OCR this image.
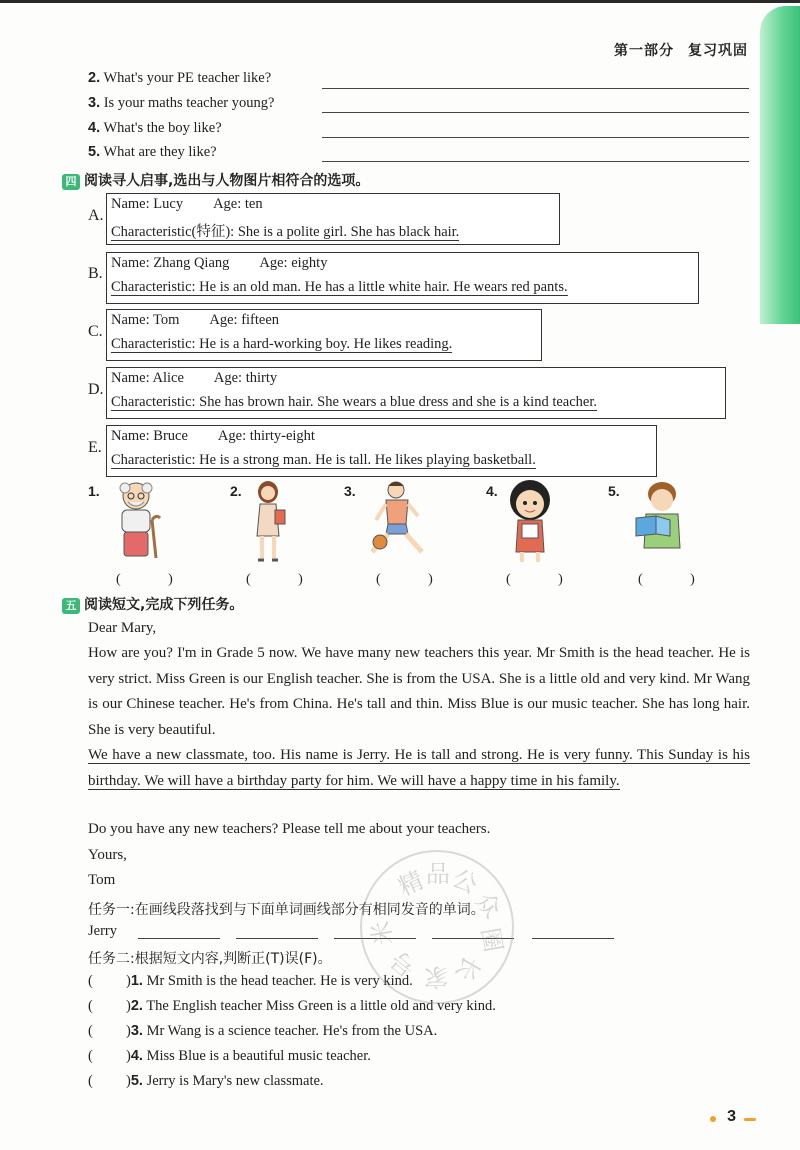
第一部分 复习巩固
2. What's your PE teacher like?
3. Is your maths teacher young?
4. What's the boy like?
5. What are they like?
四 阅读寻人启事,选出与人物图片相符合的选项。
A.
Name: Lucy Age: ten
Characteristic(特征): She is a polite girl. She has black hair.
B.
Name: Zhang Qiang Age: eighty
Characteristic: He is an old man. He has a little white hair. He wears red pants.
C.
Name: Tom Age: fifteen
Characteristic: He is a hard-working boy. He likes reading.
D.
Name: Alice Age: thirty
Characteristic: She has brown hair. She wears a blue dress and she is a kind teacher.
E.
Name: Bruce Age: thirty-eight
Characteristic: He is a strong man. He is tall. He likes playing basketball.
1.
( )
2.
( )
3.
( )
4.
( )
5.
( )
五 阅读短文,完成下列任务。
Dear Mary,
How are you? I'm in Grade 5 now. We have many new teachers this year. Mr Smith is the head teacher. He is very strict. Miss Green is our English teacher. She is from the USA. She is a little old and very kind. Mr Wang is our Chinese teacher. He's from China. He's tall and thin. Miss Blue is our music teacher. She has long hair. She is very beautiful.
We have a new classmate, too. His name is Jerry. He is tall and strong. He is very funny. This Sunday is his birthday. We will have a birthday party for him. We will have a happy time in his family.
Do you have any new teachers? Please tell me about your teachers.
Yours,
Tom
任务一:在画线段落找到与下面单词画线部分有相同发音的单词。
Jerry
任务二:根据短文内容,判断正(T)误(F)。
( )1. Mr Smith is the head teacher. He is very kind.
( )2. The English teacher Miss Green is a little old and very kind.
( )3. Mr Wang is a science teacher. He's from the USA.
( )4. Miss Blue is a beautiful music teacher.
( )5. Jerry is Mary's new classmate.
精
品
公
众
圈
长
家
号
米
3
